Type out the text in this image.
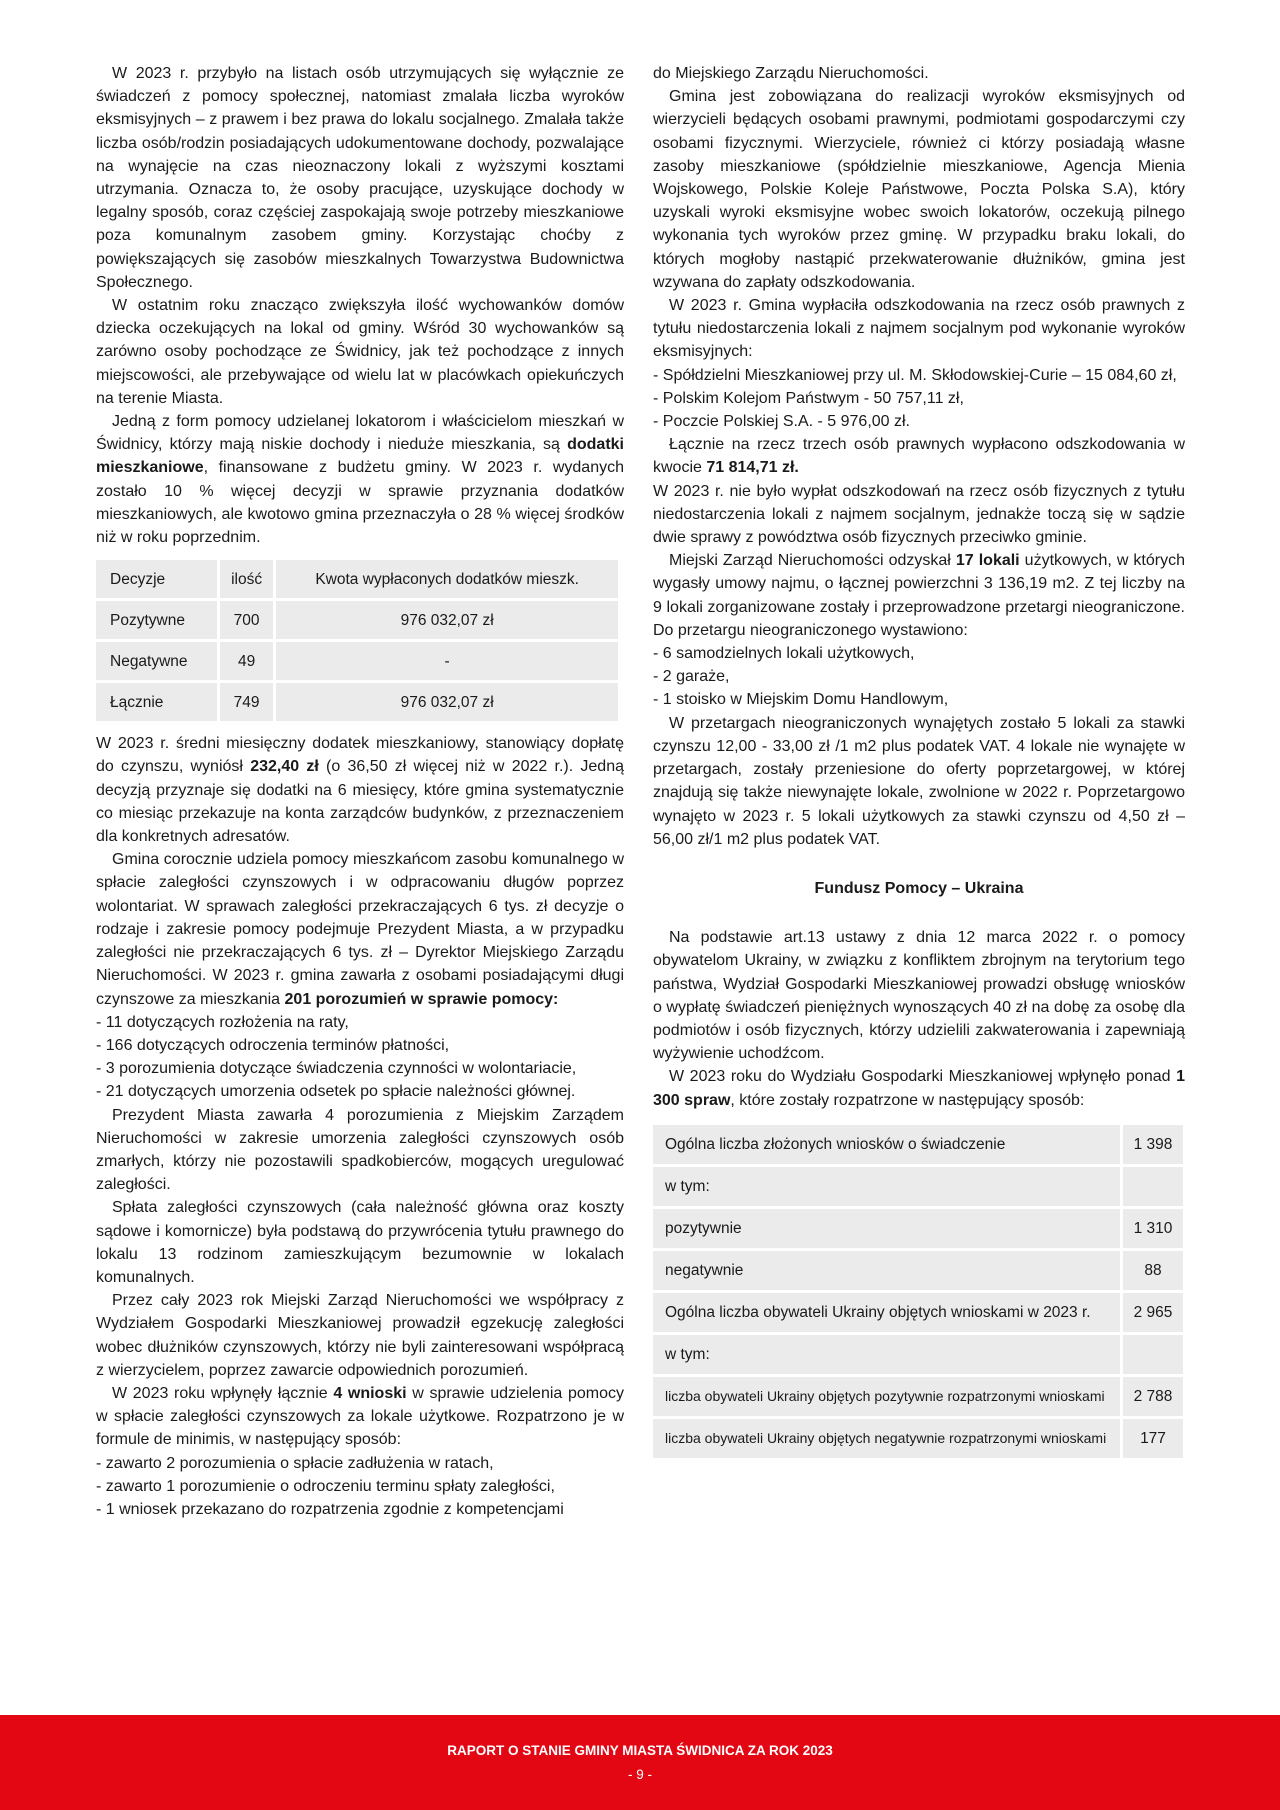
W 2023 r. przybyło na listach osób utrzymujących się wyłącznie ze świadczeń z pomocy społecznej, natomiast zmalała liczba wyroków eksmisyjnych – z prawem i bez prawa do lokalu socjalnego. Zmalała także liczba osób/rodzin posiadających udokumentowane dochody, pozwalające na wynajęcie na czas nieoznaczony lokali z wyższymi kosztami utrzymania. Oznacza to, że osoby pracujące, uzyskujące dochody w legalny sposób, coraz częściej zaspokajają swoje potrzeby mieszkaniowe poza komunalnym zasobem gminy. Korzystając choćby z powiększających się zasobów mieszkalnych Towarzystwa Budownictwa Społecznego.

W ostatnim roku znacząco zwiększyła ilość wychowanków domów dziecka oczekujących na lokal od gminy. Wśród 30 wychowanków są zarówno osoby pochodzące ze Świdnicy, jak też pochodzące z innych miejscowości, ale przebywające od wielu lat w placówkach opiekuńczych na terenie Miasta.

Jedną z form pomocy udzielanej lokatorom i właścicielom mieszkań w Świdnicy, którzy mają niskie dochody i nieduże mieszkania, są dodatki mieszkaniowe, finansowane z budżetu gminy. W 2023 r. wydanych zostało 10 % więcej decyzji w sprawie przyznania dodatków mieszkaniowych, ale kwotowo gmina przeznaczyła o 28 % więcej środków niż w roku poprzednim.

Decyzje	ilość	Kwota wypłaconych dodatków mieszk.
Pozytywne	700	976 032,07 zł
Negatywne	49	-
Łącznie	749	976 032,07 zł

W 2023 r. średni miesięczny dodatek mieszkaniowy, stanowiący dopłatę do czynszu, wyniósł 232,40 zł (o 36,50 zł więcej niż w 2022 r.). Jedną decyzją przyznaje się dodatki na 6 miesięcy, które gmina systematycznie co miesiąc przekazuje na konta zarządców budynków, z przeznaczeniem dla konkretnych adresatów.

Gmina corocznie udziela pomocy mieszkańcom zasobu komunalnego w spłacie zaległości czynszowych i w odpracowaniu długów poprzez wolontariat. W sprawach zaległości przekraczających 6 tys. zł decyzje o rodzaje i zakresie pomocy podejmuje Prezydent Miasta, a w przypadku zaległości nie przekraczających 6 tys. zł – Dyrektor Miejskiego Zarządu Nieruchomości. W 2023 r. gmina zawarła z osobami posiadającymi długi czynszowe za mieszkania 201 porozumień w sprawie pomocy:

- 11 dotyczących rozłożenia na raty,

- 166 dotyczących odroczenia terminów płatności,

- 3 porozumienia dotyczące świadczenia czynności w wolontariacie,

- 21 dotyczących umorzenia odsetek po spłacie należności głównej.

Prezydent Miasta zawarła 4 porozumienia z Miejskim Zarządem Nieruchomości w zakresie umorzenia zaległości czynszowych osób zmarłych, którzy nie pozostawili spadkobierców, mogących uregulować zaległości.

Spłata zaległości czynszowych (cała należność główna oraz koszty sądowe i komornicze) była podstawą do przywrócenia tytułu prawnego do lokalu 13 rodzinom zamieszkującym bezumownie w lokalach komunalnych.

Przez cały 2023 rok Miejski Zarząd Nieruchomości we współpracy z Wydziałem Gospodarki Mieszkaniowej prowadził egzekucję zaległości wobec dłużników czynszowych, którzy nie byli zainteresowani współpracą z wierzycielem, poprzez zawarcie odpowiednich porozumień.

W 2023 roku wpłynęły łącznie 4 wnioski w sprawie udzielenia pomocy w spłacie zaległości czynszowych za lokale użytkowe. Rozpatrzono je w formule de minimis, w następujący sposób:

- zawarto 2 porozumienia o spłacie zadłużenia w ratach,

- zawarto 1 porozumienie o odroczeniu terminu spłaty zaległości,

- 1 wniosek przekazano do rozpatrzenia zgodnie z kompetencjami

do Miejskiego Zarządu Nieruchomości.

Gmina jest zobowiązana do realizacji wyroków eksmisyjnych od wierzycieli będących osobami prawnymi, podmiotami gospodarczymi czy osobami fizycznymi. Wierzyciele, również ci którzy posiadają własne zasoby mieszkaniowe (spółdzielnie mieszkaniowe, Agencja Mienia Wojskowego, Polskie Koleje Państwowe, Poczta Polska S.A), który uzyskali wyroki eksmisyjne wobec swoich lokatorów, oczekują pilnego wykonania tych wyroków przez gminę. W przypadku braku lokali, do których mogłoby nastąpić przekwaterowanie dłużników, gmina jest wzywana do zapłaty odszkodowania.

W 2023 r. Gmina wypłaciła odszkodowania na rzecz osób prawnych z tytułu niedostarczenia lokali z najmem socjalnym pod wykonanie wyroków eksmisyjnych:

- Spółdzielni Mieszkaniowej przy ul. M. Skłodowskiej-Curie – 15 084,60 zł,

- Polskim Kolejom Państwym - 50 757,11 zł,

- Poczcie Polskiej S.A. - 5 976,00 zł.

Łącznie na rzecz trzech osób prawnych wypłacono odszkodowania w kwocie 71 814,71 zł.

W 2023 r. nie było wypłat odszkodowań na rzecz osób fizycznych z tytułu niedostarczenia lokali z najmem socjalnym, jednakże toczą się w sądzie dwie sprawy z powództwa osób fizycznych przeciwko gminie.

Miejski Zarząd Nieruchomości odzyskał 17 lokali użytkowych, w których wygasły umowy najmu, o łącznej powierzchni 3 136,19 m2. Z tej liczby na 9 lokali zorganizowane zostały i przeprowadzone przetargi nieograniczone. Do przetargu nieograniczonego wystawiono:

- 6 samodzielnych lokali użytkowych,

- 2 garaże,

- 1 stoisko w Miejskim Domu Handlowym,

W przetargach nieograniczonych wynajętych zostało 5 lokali za stawki czynszu 12,00 - 33,00 zł /1 m2 plus podatek VAT. 4 lokale nie wynajęte w przetargach, zostały przeniesione do oferty poprzetargowej, w której znajdują się także niewynajęte lokale, zwolnione w 2022 r. Poprzetargowo wynajęto w 2023 r. 5 lokali użytkowych za stawki czynszu od 4,50 zł – 56,00 zł/1 m2 plus podatek VAT.

Fundusz Pomocy – Ukraina

Na podstawie art.13 ustawy z dnia 12 marca 2022 r. o pomocy obywatelom Ukrainy, w związku z konfliktem zbrojnym na terytorium tego państwa, Wydział Gospodarki Mieszkaniowej prowadzi obsługę wniosków o wypłatę świadczeń pieniężnych wynoszących 40 zł na dobę za osobę dla podmiotów i osób fizycznych, którzy udzielili zakwaterowania i zapewniają wyżywienie uchodźcom.

W 2023 roku do Wydziału Gospodarki Mieszkaniowej wpłynęło ponad 1 300 spraw, które zostały rozpatrzone w następujący sposób:

Ogólna liczba złożonych wniosków o świadczenie	1 398
w tym:	
pozytywnie	1 310
negatywnie	88
Ogólna liczba obywateli Ukrainy objętych wnioskami w 2023 r.	2 965
w tym:	
liczba obywateli Ukrainy objętych pozytywnie rozpatrzonymi wnioskami	2 788
liczba obywateli Ukrainy objętych negatywnie rozpatrzonymi wnioskami	177
RAPORT O STANIE GMINY MIASTA ŚWIDNICA ZA ROK 2023
- 9 -
